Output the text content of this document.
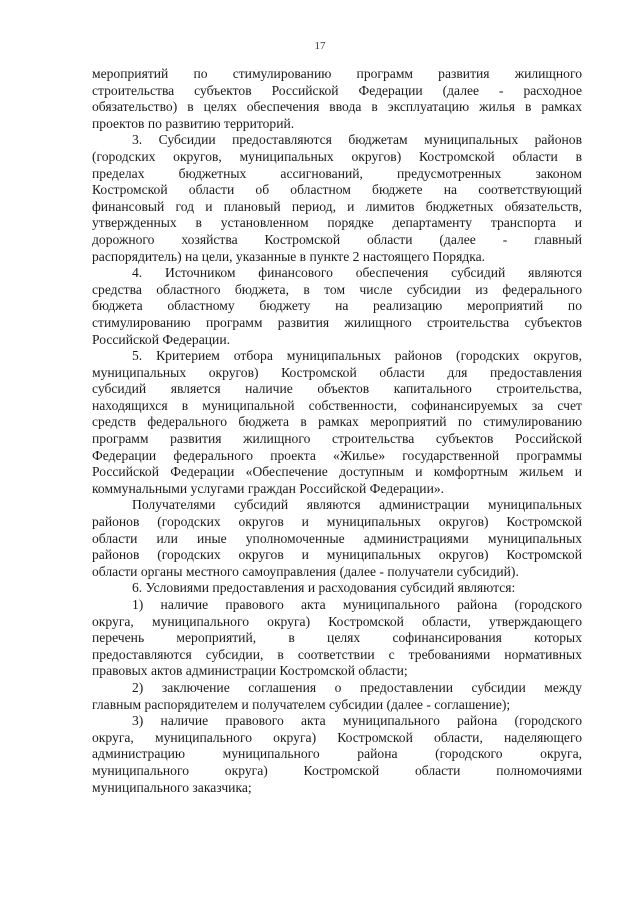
17
мероприятий по стимулированию программ развития жилищного
строительства субъектов Российской Федерации (далее - расходное
обязательство) в целях обеспечения ввода в эксплуатацию жилья в рамках
проектов по развитию территорий.
3. Субсидии предоставляются бюджетам муниципальных районов
(городских округов, муниципальных округов) Костромской области в
пределах бюджетных ассигнований, предусмотренных законом
Костромской области об областном бюджете на соответствующий
финансовый год и плановый период, и лимитов бюджетных обязательств,
утвержденных в установленном порядке департаменту транспорта и
дорожного хозяйства Костромской области (далее - главный
распорядитель) на цели, указанные в пункте 2 настоящего Порядка.
4. Источником финансового обеспечения субсидий являются
средства областного бюджета, в том числе субсидии из федерального
бюджета областному бюджету на реализацию мероприятий по
стимулированию программ развития жилищного строительства субъектов
Российской Федерации.
5. Критерием отбора муниципальных районов (городских округов,
муниципальных округов) Костромской области для предоставления
субсидий является наличие объектов капитального строительства,
находящихся в муниципальной собственности, софинансируемых за счет
средств федерального бюджета в рамках мероприятий по стимулированию
программ развития жилищного строительства субъектов Российской
Федерации федерального проекта «Жилье» государственной программы
Российской Федерации «Обеспечение доступным и комфортным жильем и
коммунальными услугами граждан Российской Федерации».
Получателями субсидий являются администрации муниципальных
районов (городских округов и муниципальных округов) Костромской
области или иные уполномоченные администрациями муниципальных
районов (городских округов и муниципальных округов) Костромской
области органы местного самоуправления (далее - получатели субсидий).
6. Условиями предоставления и расходования субсидий являются:
1) наличие правового акта муниципального района (городского
округа, муниципального округа) Костромской области, утверждающего
перечень мероприятий, в целях софинансирования которых
предоставляются субсидии, в соответствии с требованиями нормативных
правовых актов администрации Костромской области;
2) заключение соглашения о предоставлении субсидии между
главным распорядителем и получателем субсидии (далее - соглашение);
3) наличие правового акта муниципального района (городского
округа, муниципального округа) Костромской области, наделяющего
администрацию муниципального района (городского округа,
муниципального округа) Костромской области полномочиями
муниципального заказчика;
